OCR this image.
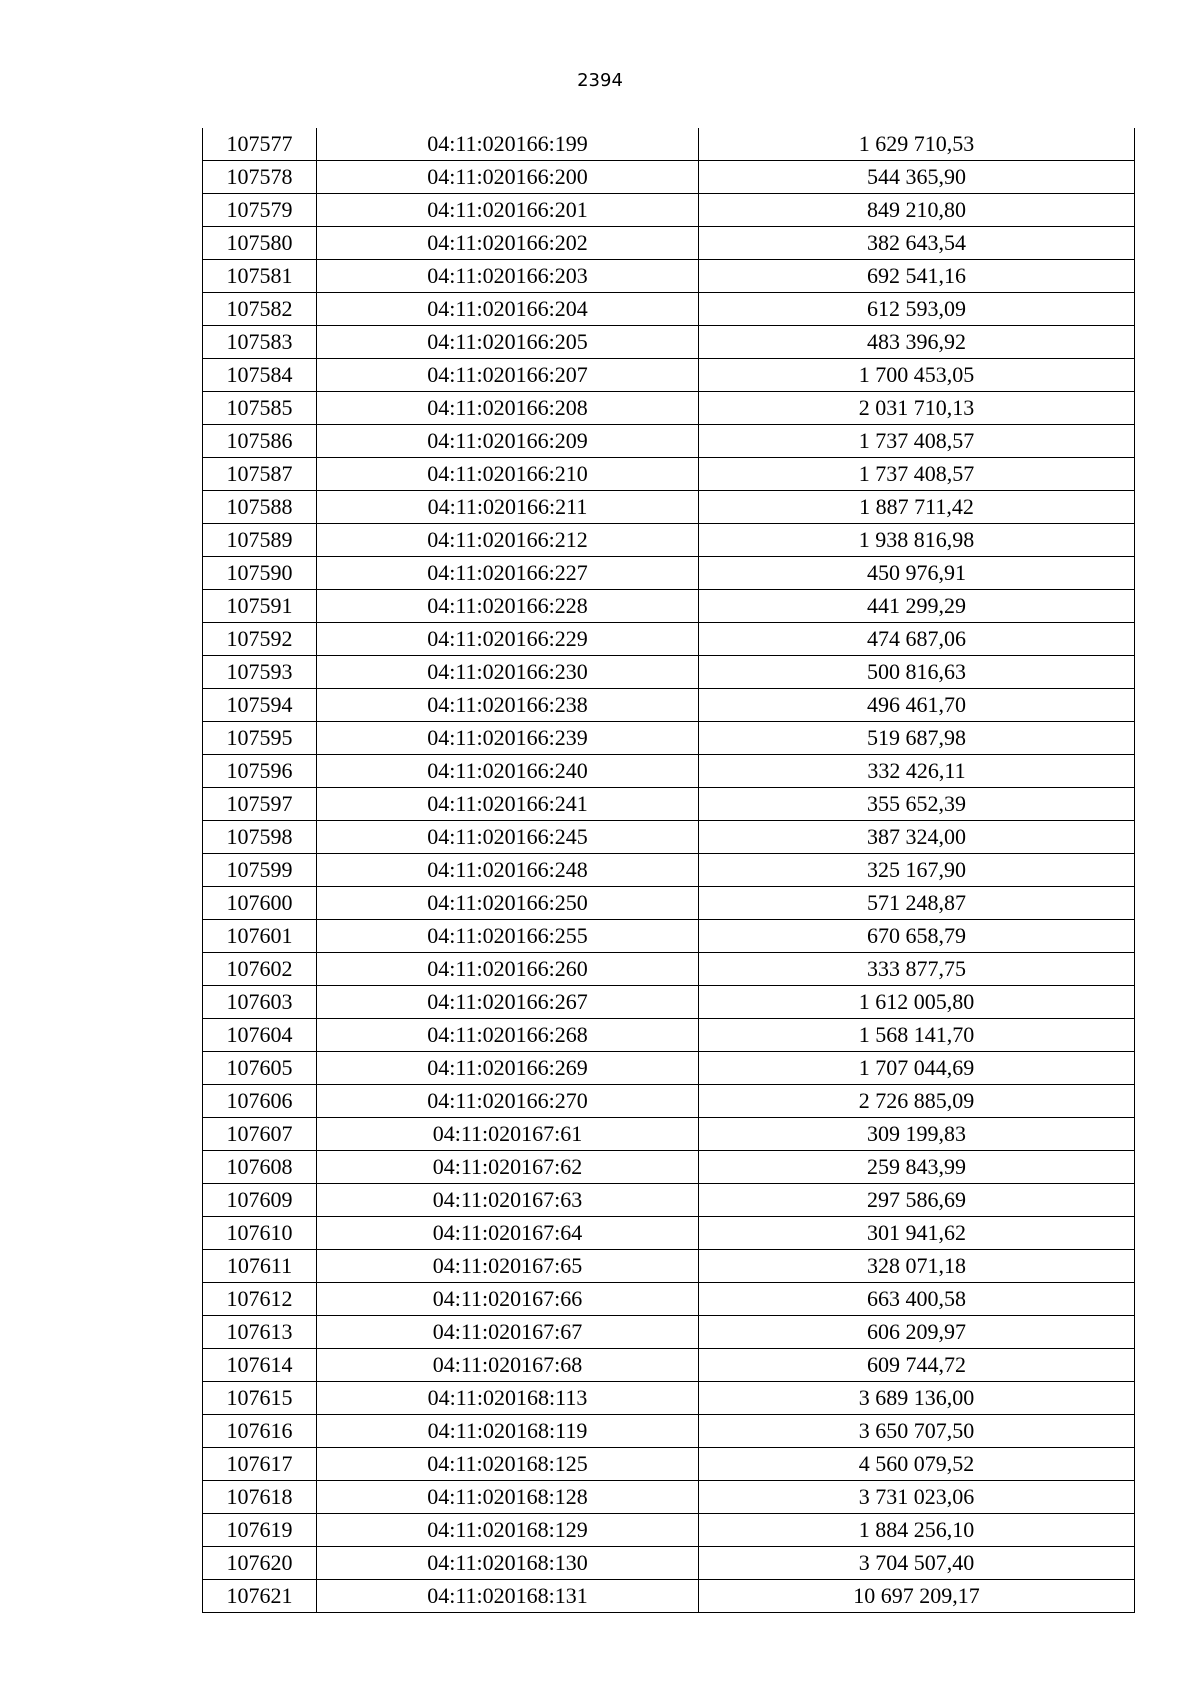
2394
107577	04:11:020166:199	1 629 710,53
107578	04:11:020166:200	544 365,90
107579	04:11:020166:201	849 210,80
107580	04:11:020166:202	382 643,54
107581	04:11:020166:203	692 541,16
107582	04:11:020166:204	612 593,09
107583	04:11:020166:205	483 396,92
107584	04:11:020166:207	1 700 453,05
107585	04:11:020166:208	2 031 710,13
107586	04:11:020166:209	1 737 408,57
107587	04:11:020166:210	1 737 408,57
107588	04:11:020166:211	1 887 711,42
107589	04:11:020166:212	1 938 816,98
107590	04:11:020166:227	450 976,91
107591	04:11:020166:228	441 299,29
107592	04:11:020166:229	474 687,06
107593	04:11:020166:230	500 816,63
107594	04:11:020166:238	496 461,70
107595	04:11:020166:239	519 687,98
107596	04:11:020166:240	332 426,11
107597	04:11:020166:241	355 652,39
107598	04:11:020166:245	387 324,00
107599	04:11:020166:248	325 167,90
107600	04:11:020166:250	571 248,87
107601	04:11:020166:255	670 658,79
107602	04:11:020166:260	333 877,75
107603	04:11:020166:267	1 612 005,80
107604	04:11:020166:268	1 568 141,70
107605	04:11:020166:269	1 707 044,69
107606	04:11:020166:270	2 726 885,09
107607	04:11:020167:61	309 199,83
107608	04:11:020167:62	259 843,99
107609	04:11:020167:63	297 586,69
107610	04:11:020167:64	301 941,62
107611	04:11:020167:65	328 071,18
107612	04:11:020167:66	663 400,58
107613	04:11:020167:67	606 209,97
107614	04:11:020167:68	609 744,72
107615	04:11:020168:113	3 689 136,00
107616	04:11:020168:119	3 650 707,50
107617	04:11:020168:125	4 560 079,52
107618	04:11:020168:128	3 731 023,06
107619	04:11:020168:129	1 884 256,10
107620	04:11:020168:130	3 704 507,40
107621	04:11:020168:131	10 697 209,17
